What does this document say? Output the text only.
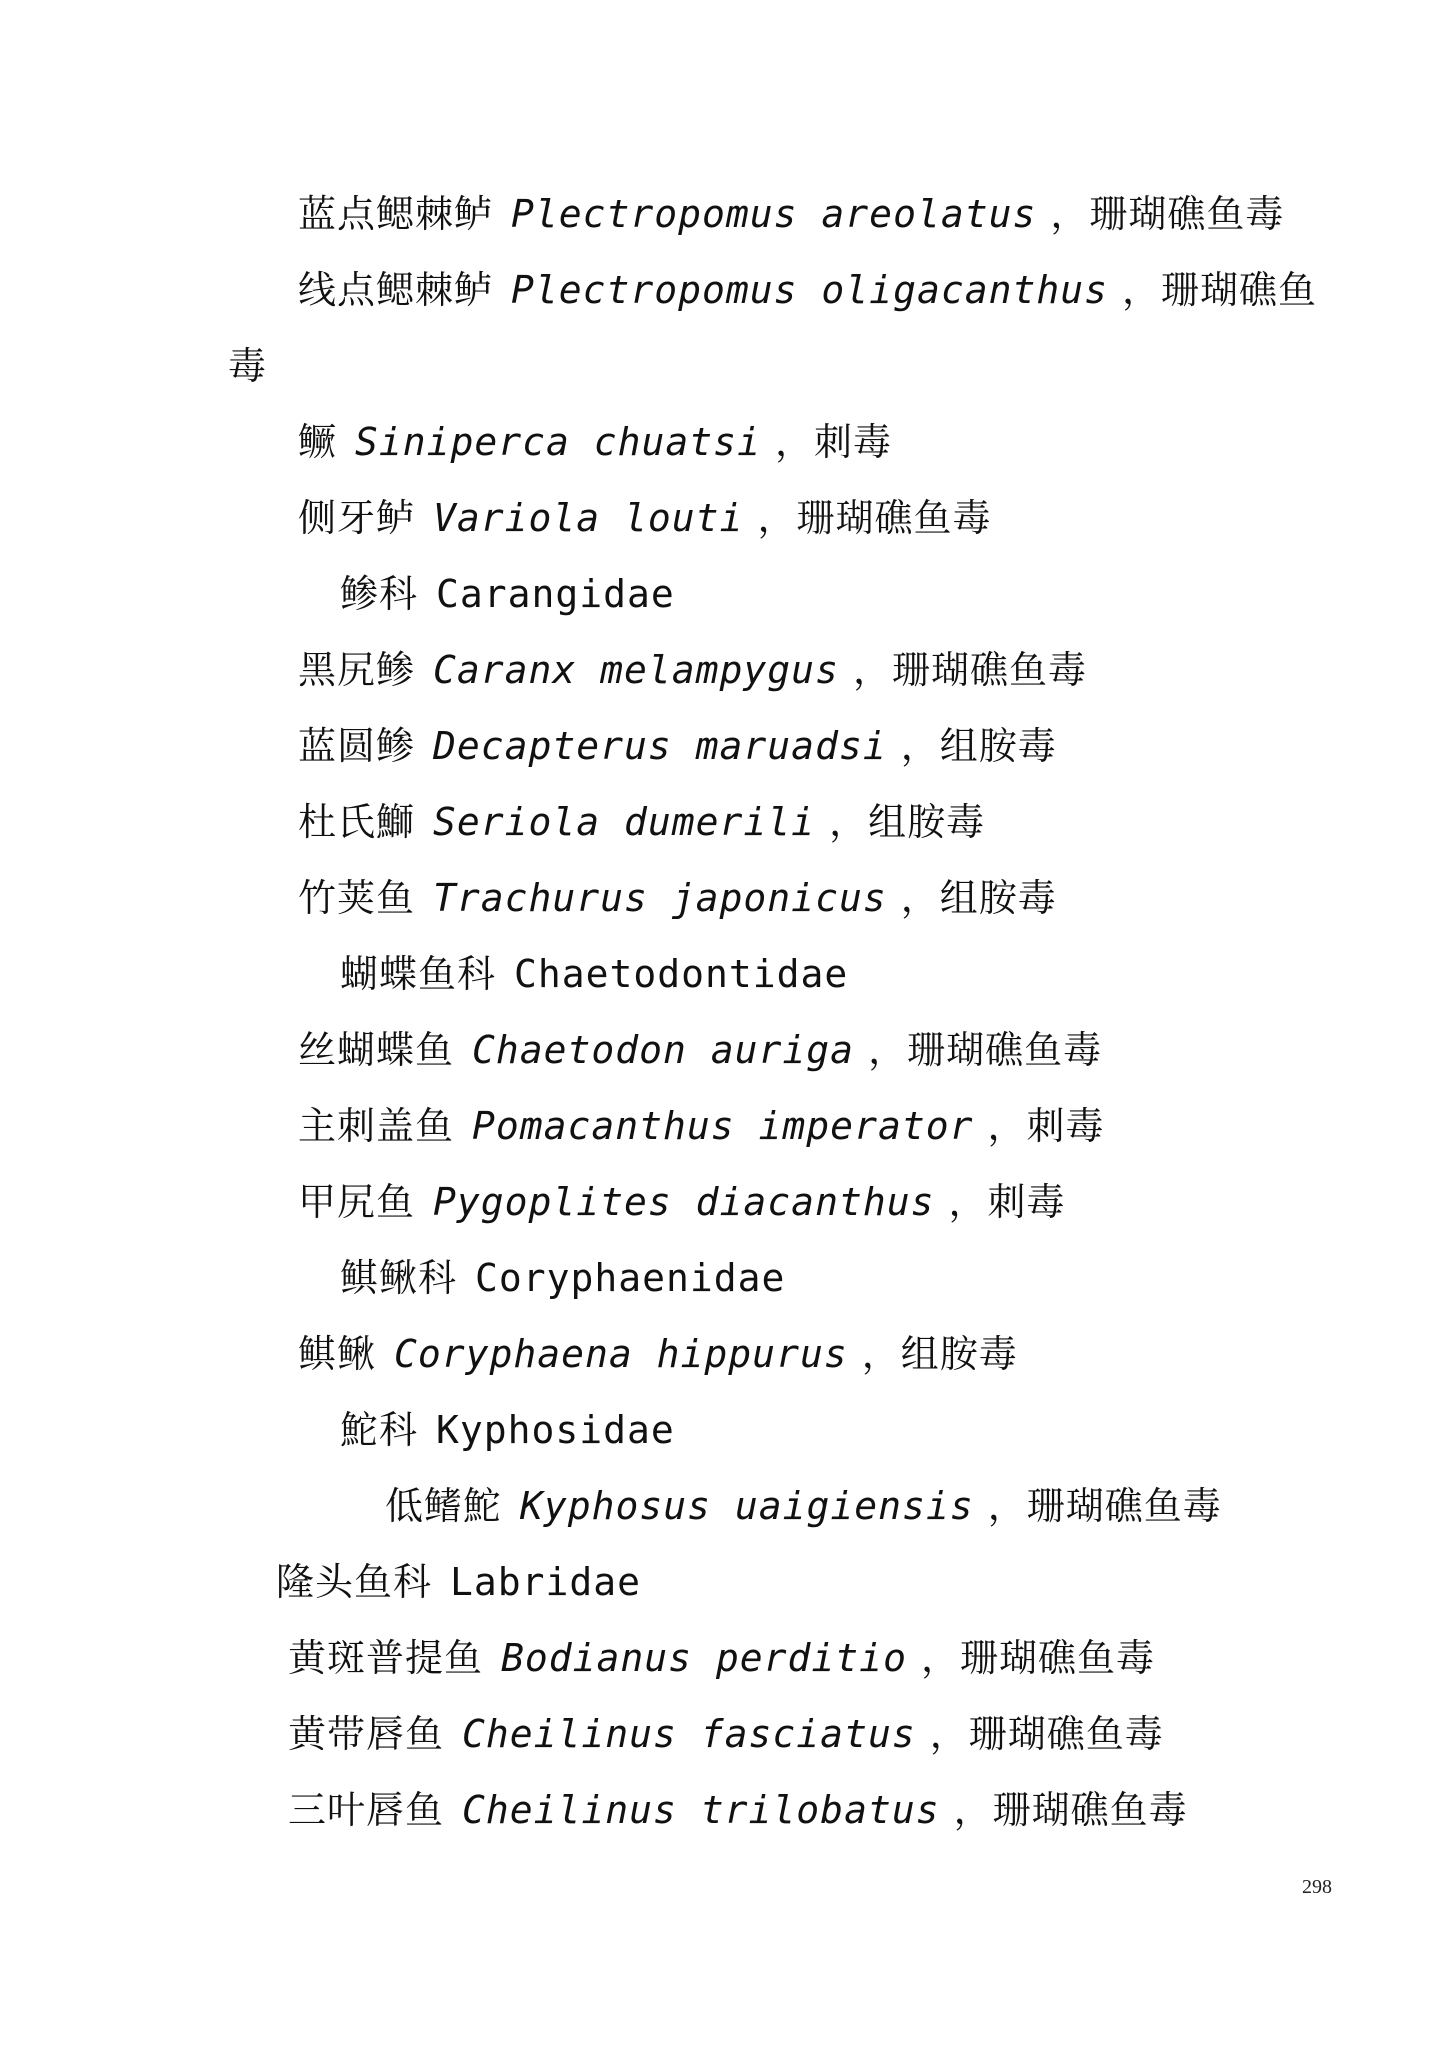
蓝点鳃棘鲈 Plectropomus areolatus ，珊瑚礁鱼毒
线点鳃棘鲈 Plectropomus oligacanthus ，珊瑚礁鱼
毒
鳜 Siniperca chuatsi ，刺毒
侧牙鲈 Variola louti ，珊瑚礁鱼毒
鲹科 Carangidae
黑尻鲹 Caranx melampygus ，珊瑚礁鱼毒
蓝圆鲹 Decapterus maruadsi ，组胺毒
杜氏鰤 Seriola dumerili ，组胺毒
竹荚鱼 Trachurus japonicus ，组胺毒
蝴蝶鱼科 Chaetodontidae
丝蝴蝶鱼 Chaetodon auriga ，珊瑚礁鱼毒
主刺盖鱼 Pomacanthus imperator ，刺毒
甲尻鱼 Pygoplites diacanthus ，刺毒
鲯鳅科 Coryphaenidae
鲯鳅 Coryphaena hippurus ，组胺毒
鮀科 Kyphosidae
低鳍鮀 Kyphosus uaigiensis ，珊瑚礁鱼毒
隆头鱼科 Labridae
黄斑普提鱼 Bodianus perditio ，珊瑚礁鱼毒
黄带唇鱼 Cheilinus fasciatus ，珊瑚礁鱼毒
三叶唇鱼 Cheilinus trilobatus ，珊瑚礁鱼毒
298
